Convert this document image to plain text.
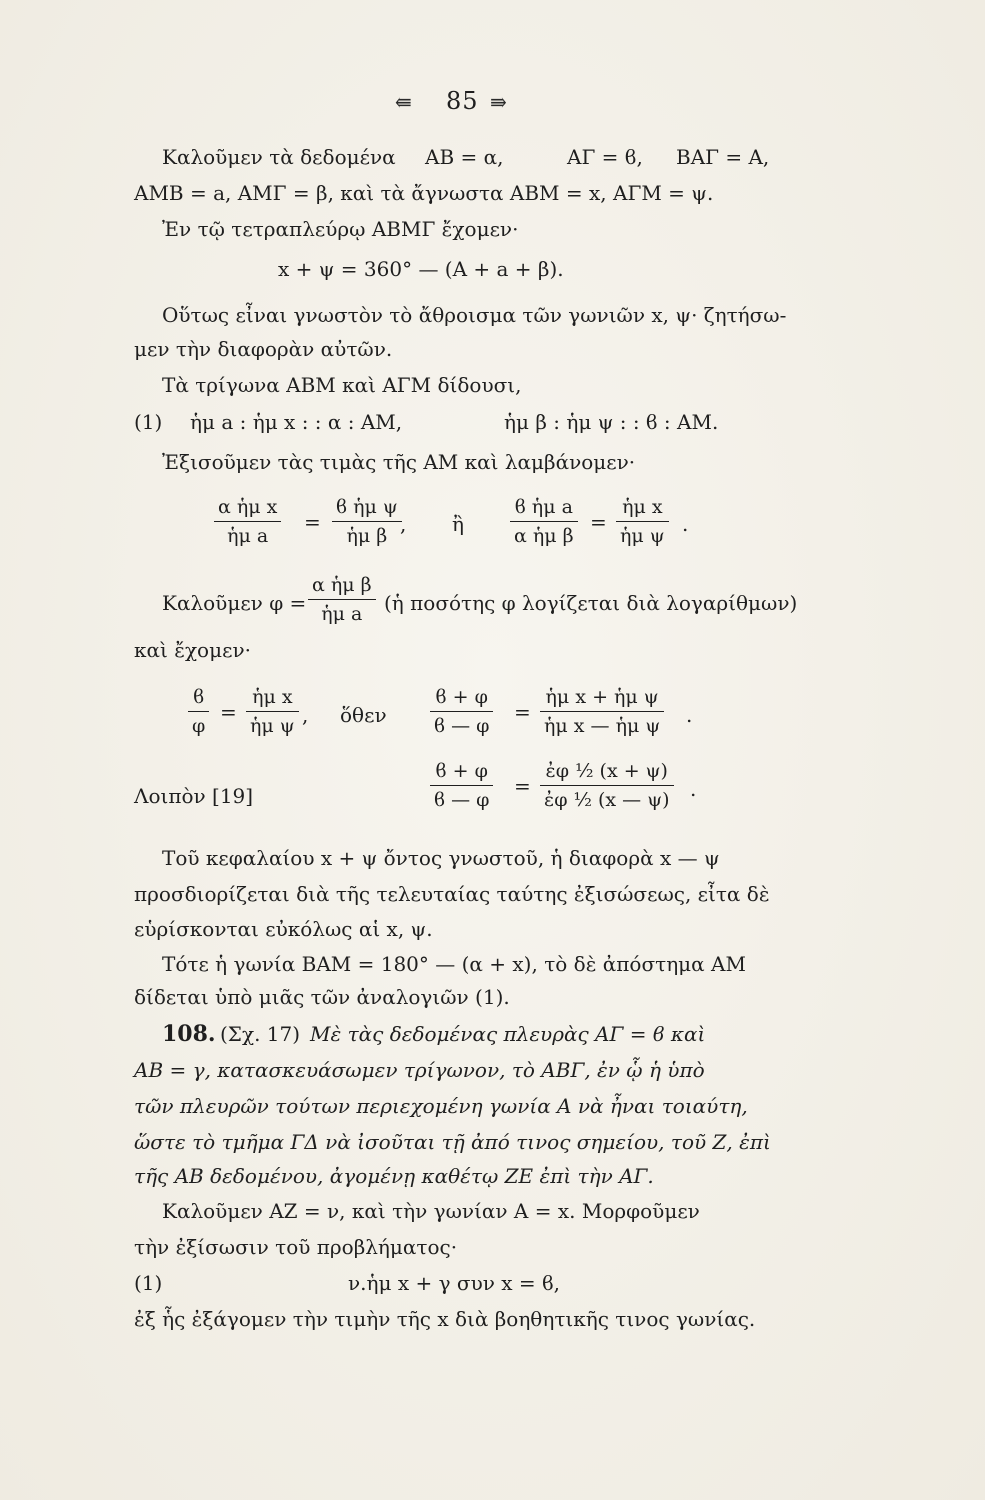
⇚ 85 ⇛
Καλοῦμεν τὰ δεδομένα ΑΒ = α,	ΑΓ = ϐ, ΒΑΓ = Α,
ΑΜΒ = a, ΑΜΓ = β, καὶ τὰ ἄγνωστα ΑΒΜ = x, ΑΓΜ = ψ.
Ἐν τῷ τετραπλεύρῳ ΑΒΜΓ ἔχομεν·
x + ψ = 360° — (Α + a + β).
Οὕτως εἶναι γνωστὸν τὸ ἄθροισμα τῶν γωνιῶν x, ψ· ζητήσω-
μεν τὴν διαφορὰν αὐτῶν.
Τὰ τρίγωνα ΑΒΜ καὶ ΑΓΜ δίδουσι,
(1) ἡμ a : ἡμ x : : α : ΑΜ,	ἡμ β : ἡμ ψ : : ϐ : ΑΜ.
Ἐξισοῦμεν τὰς τιμὰς τῆς ΑΜ καὶ λαμβάνομεν·
$\frac{\text{α ἡμ x}}{\text{ἡμ a}} = \frac{\text{ϐ ἡμ ψ}}{\text{ἡμ β}}$
, ἢ $\frac{\text{ϐ ἡμ a}}{\text{α ἡμ β}} = \frac{\text{ἡμ x}}{\text{ἡμ ψ}}$ .
Καλοῦμεν $\varphi = \frac{\text{α ἡμ β}}{\text{ἡμ a}}$ (ἡ ποσότης φ λογίζεται διὰ λογαρίθμων)
καὶ ἔχομεν·
$\frac{ϐ}{\varphi} = \frac{\text{ἡμ x}}{\text{ἡμ ψ}}$ , ὅθεν $\frac{ϐ + \varphi}{ϐ — \varphi} = \frac{\text{ἡμ x + ἡμ ψ}}{\text{ἡμ x — ἡμ ψ}}$ .
Λοιπὸν [19]	$\frac{ϐ + \varphi}{ϐ — \varphi} = \frac{\text{ἐφ ½ (x + ψ)}}{\text{ἐφ ½ (x — ψ)}}$ .
Τοῦ κεφαλαίου x + ψ ὄντος γνωστοῦ, ἡ διαφορὰ x — ψ
προσδιορίζεται διὰ τῆς τελευταίας ταύτης ἐξισώσεως, εἶτα δὲ
εὑρίσκονται εὐκόλως αἱ x, ψ.
Τότε ἡ γωνία ΒΑΜ = 180° — (α + x), τὸ δὲ ἀπόστημα ΑΜ
δίδεται ὑπὸ μιᾶς τῶν ἀναλογιῶν (1).
108. (Σχ. 17) Μὲ τὰς δεδομένας πλευρὰς ΑΓ = ϐ καὶ
ΑΒ = γ, κατασκευάσωμεν τρίγωνον, τὸ ΑΒΓ, ἐν ᾧ ἡ ὑπὸ
τῶν πλευρῶν τούτων περιεχομένη γωνία Α νὰ ἦναι τοιαύτη,
ὥστε τὸ τμῆμα ΓΔ νὰ ἰσοῦται τῇ ἀπό τινος σημείου, τοῦ Ζ, ἐπὶ
τῆς ΑΒ δεδομένου, ἀγομένῃ καθέτῳ ΖΕ ἐπὶ τὴν ΑΓ.
Καλοῦμεν ΑΖ = ν, καὶ τὴν γωνίαν Α = x. Μορφοῦμεν
τὴν ἐξίσωσιν τοῦ προβλήματος·
(1)	ν.ἡμ x + γ συν x = ϐ,
ἐξ ἧς ἐξάγομεν τὴν τιμὴν τῆς x διὰ βοηθητικῆς τινος γωνίας.
